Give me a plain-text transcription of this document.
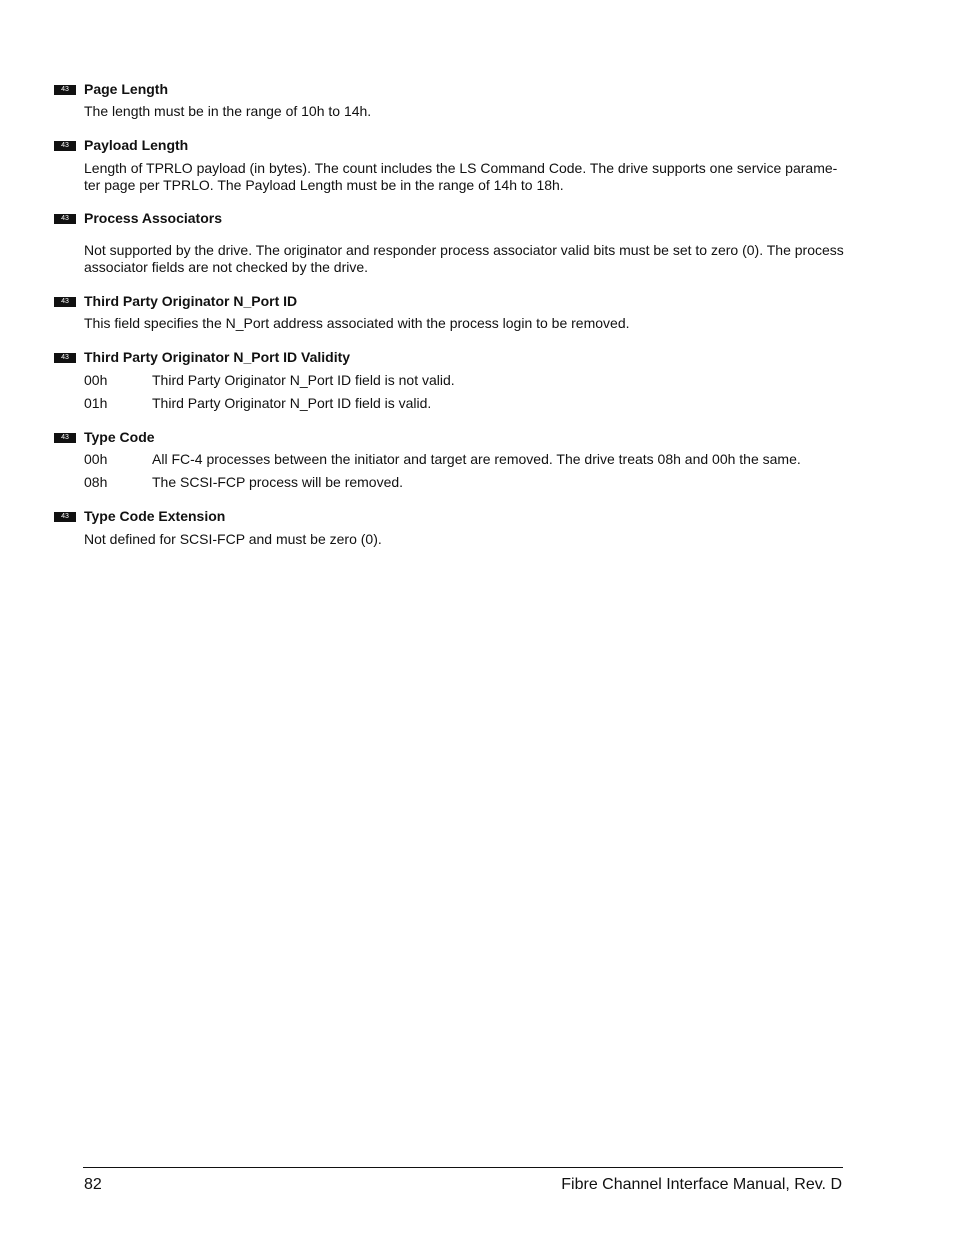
43	Page Length
The length must be in the range of 10h to 14h.
43	Payload Length
Length of TPRLO payload (in bytes). The count includes the LS Command Code. The drive supports one service parame-ter page per TPRLO. The Payload Length must be in the range of 14h to 18h.
43	Process Associators
Not supported by the drive. The originator and responder process associator valid bits must be set to zero (0). The process associator fields are not checked by the drive.
43	Third Party Originator N_Port ID
This field specifies the N_Port address associated with the process login to be removed.
43	Third Party Originator N_Port ID Validity
00h	Third Party Originator N_Port ID field is not valid.
01h	Third Party Originator N_Port ID field is valid.
43	Type Code
00h	All FC-4 processes between the initiator and target are removed. The drive treats 08h and 00h the same.
08h	The SCSI-FCP process will be removed.
43	Type Code Extension
Not defined for SCSI-FCP and must be zero (0).
82	Fibre Channel Interface Manual, Rev. D
